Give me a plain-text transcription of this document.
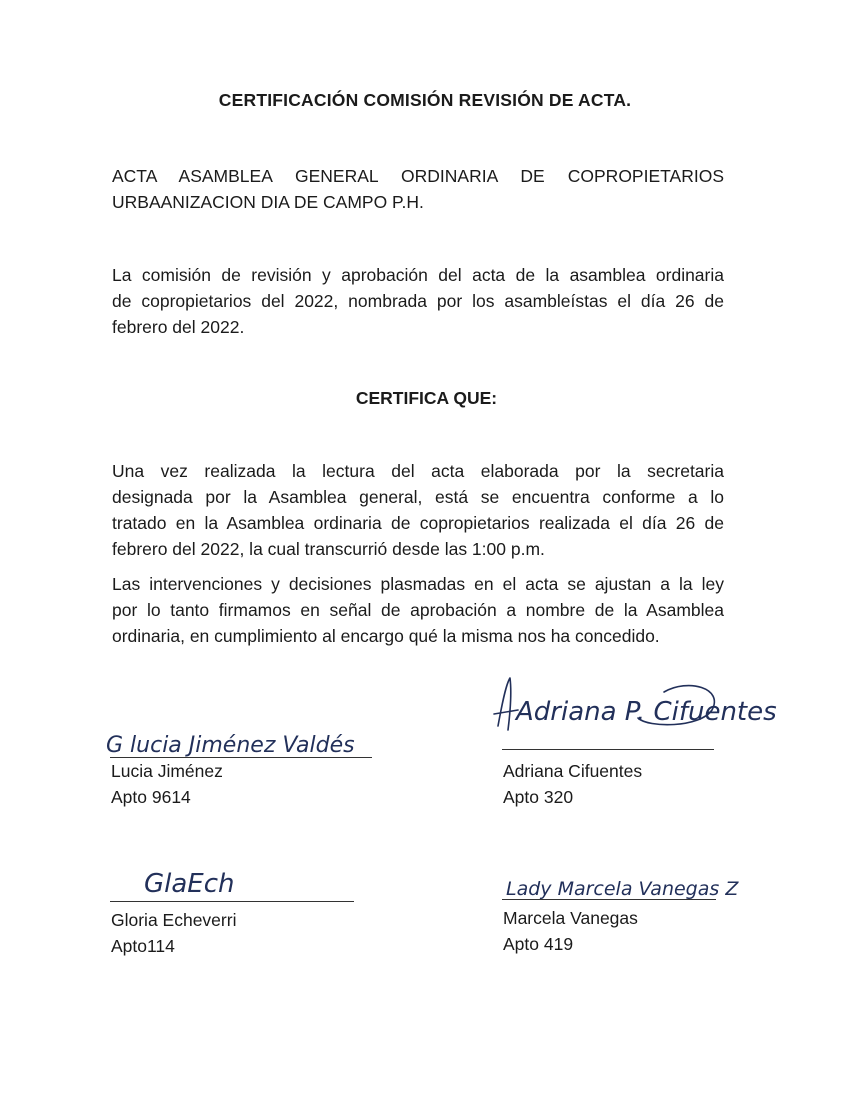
CERTIFICACIÓN COMISIÓN REVISIÓN DE ACTA.
ACTA ASAMBLEA GENERAL ORDINARIA DE COPROPIETARIOS
URBAANIZACION DIA DE CAMPO P.H.
La comisión de revisión y aprobación del acta de la asamblea ordinaria
de copropietarios del 2022, nombrada por los asambleístas el día 26 de
febrero del 2022.
CERTIFICA QUE:
Una vez realizada la lectura del acta elaborada por la secretaria
designada por la Asamblea general, está se encuentra conforme a lo
tratado en la Asamblea ordinaria de copropietarios realizada el día 26 de
febrero del 2022, la cual transcurrió desde las 1:00 p.m.
Las intervenciones y decisiones plasmadas en el acta se ajustan a la ley
por lo tanto firmamos en señal de aprobación a nombre de la Asamblea
ordinaria, en cumplimiento al encargo qué la misma nos ha concedido.
G lucia Jiménez Valdés
Lucia Jiménez
Apto 9614
Adriana P. Cifuentes
Adriana Cifuentes
Apto 320
GlaEch
Gloria Echeverri
Apto114
Lady Marcela Vanegas Z
Marcela Vanegas
Apto 419
